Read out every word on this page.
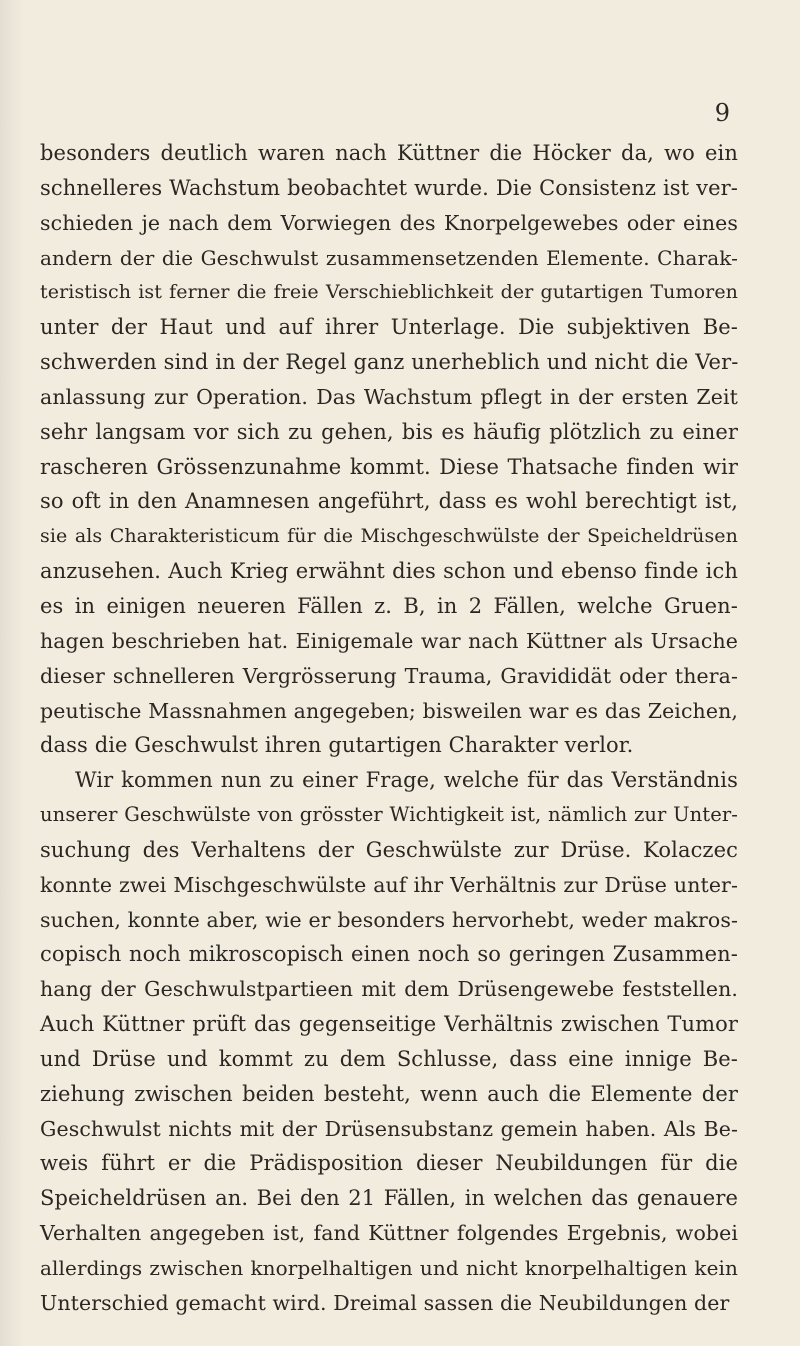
9
besonders deutlich waren nach Küttner die Höcker da, wo ein
schnelleres Wachstum beobachtet wurde. Die Consistenz ist ver-
schieden je nach dem Vorwiegen des Knorpelgewebes oder eines
andern der die Geschwulst zusammensetzenden Elemente. Charak-
teristisch ist ferner die freie Verschieblichkeit der gutartigen Tumoren
unter der Haut und auf ihrer Unterlage. Die subjektiven Be-
schwerden sind in der Regel ganz unerheblich und nicht die Ver-
anlassung zur Operation. Das Wachstum pflegt in der ersten Zeit
sehr langsam vor sich zu gehen, bis es häufig plötzlich zu einer
rascheren Grössenzunahme kommt. Diese Thatsache finden wir
so oft in den Anamnesen angeführt, dass es wohl berechtigt ist,
sie als Charakteristicum für die Mischgeschwülste der Speicheldrüsen
anzusehen. Auch Krieg erwähnt dies schon und ebenso finde ich
es in einigen neueren Fällen z. B, in 2 Fällen, welche Gruen-
hagen beschrieben hat. Einigemale war nach Küttner als Ursache
dieser schnelleren Vergrösserung Trauma, Gravididät oder thera-
peutische Massnahmen angegeben; bisweilen war es das Zeichen,
dass die Geschwulst ihren gutartigen Charakter verlor.
Wir kommen nun zu einer Frage, welche für das Verständnis
unserer Geschwülste von grösster Wichtigkeit ist, nämlich zur Unter-
suchung des Verhaltens der Geschwülste zur Drüse. Kolaczec
konnte zwei Mischgeschwülste auf ihr Verhältnis zur Drüse unter-
suchen, konnte aber, wie er besonders hervorhebt, weder makros-
copisch noch mikroscopisch einen noch so geringen Zusammen-
hang der Geschwulstpartieen mit dem Drüsengewebe feststellen.
Auch Küttner prüft das gegenseitige Verhältnis zwischen Tumor
und Drüse und kommt zu dem Schlusse, dass eine innige Be-
ziehung zwischen beiden besteht, wenn auch die Elemente der
Geschwulst nichts mit der Drüsensubstanz gemein haben. Als Be-
weis führt er die Prädisposition dieser Neubildungen für die
Speicheldrüsen an. Bei den 21 Fällen, in welchen das genauere
Verhalten angegeben ist, fand Küttner folgendes Ergebnis, wobei
allerdings zwischen knorpelhaltigen und nicht knorpelhaltigen kein
Unterschied gemacht wird. Dreimal sassen die Neubildungen der
